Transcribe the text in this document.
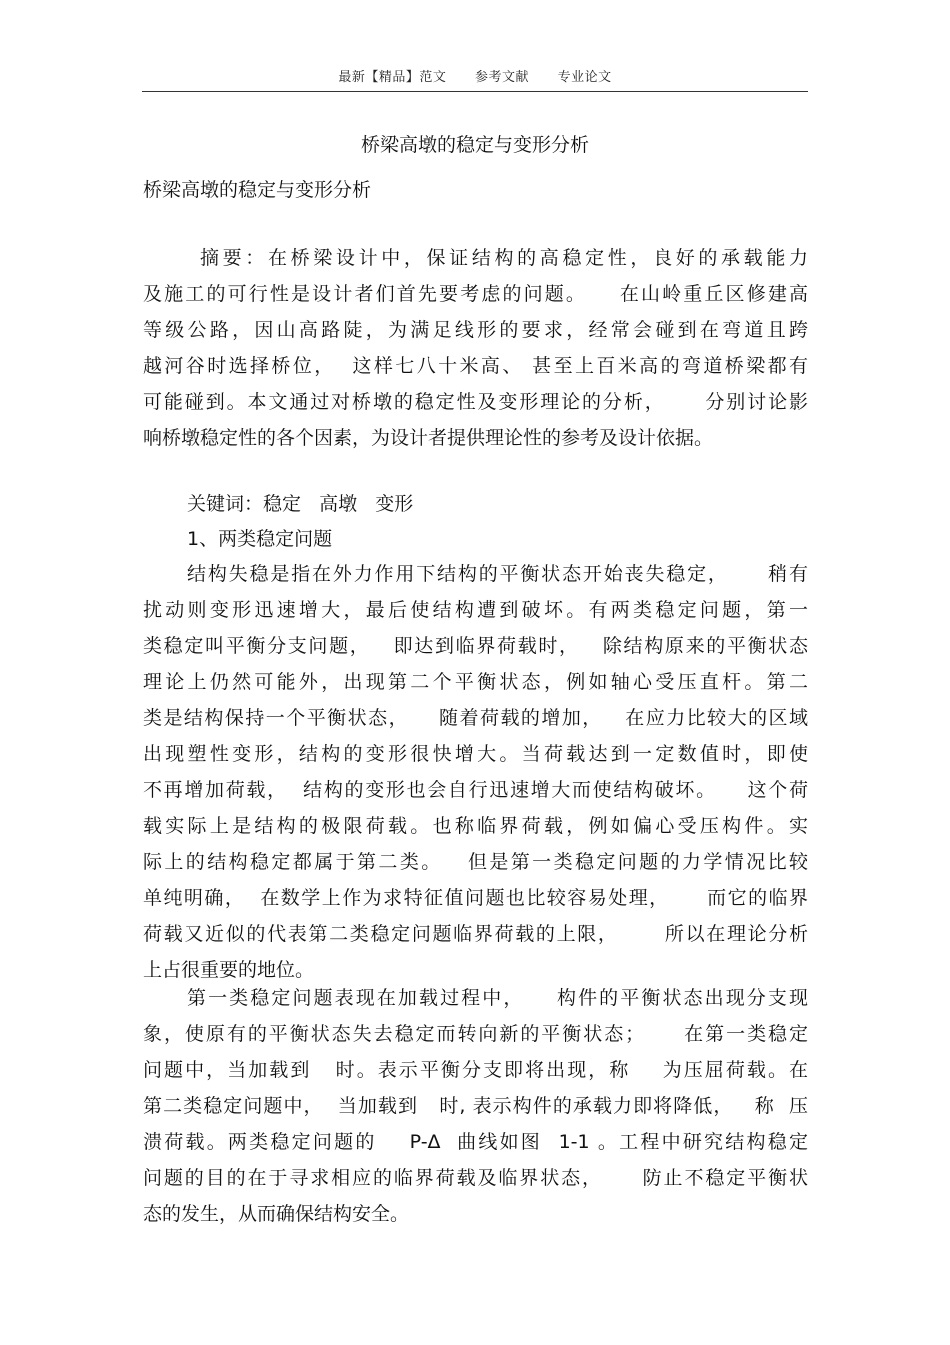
最新【精品】范文 参考文献 专业论文
桥梁高墩的稳定与变形分析
桥梁高墩的稳定与变形分析
摘要：在桥梁设计中，保证结构的高稳定性，良好的承载能力
及施工的可行性是设计者们首先要考虑的问题。    在山岭重丘区修建高
等级公路，因山高路陡，为满足线形的要求，经常会碰到在弯道且跨
越河谷时选择桥位，  这样七八十米高、 甚至上百米高的弯道桥梁都有
可能碰到。本文通过对桥墩的稳定性及变形理论的分析，     分别讨论影
响桥墩稳定性的各个因素，为设计者提供理论性的参考及设计依据。
关键词：稳定   高墩   变形
1、两类稳定问题
结构失稳是指在外力作用下结构的平衡状态开始丧失稳定，     稍有
扰动则变形迅速增大，最后使结构遭到破坏。有两类稳定问题，第一
类稳定叫平衡分支问题，   即达到临界荷载时，   除结构原来的平衡状态
理论上仍然可能外，出现第二个平衡状态，例如轴心受压直杆。第二
类是结构保持一个平衡状态，    随着荷载的增加，   在应力比较大的区域
出现塑性变形，结构的变形很快增大。当荷载达到一定数值时，即使
不再增加荷载，  结构的变形也会自行迅速增大而使结构破坏。    这个荷
载实际上是结构的极限荷载。也称临界荷载，例如偏心受压构件。实
际上的结构稳定都属于第二类。   但是第一类稳定问题的力学情况比较
单纯明确，  在数学上作为求特征值问题也比较容易处理，     而它的临界
荷载又近似的代表第二类稳定问题临界荷载的上限，      所以在理论分析
上占很重要的地位。
第一类稳定问题表现在加载过程中，    构件的平衡状态出现分支现
象，使原有的平衡状态失去稳定而转向新的平衡状态；     在第一类稳定
问题中，当加载到   时。表示平衡分支即将出现，称    为压屈荷载。在
第二类稳定问题中，  当加载到   时, 表示构件的承载力即将降低，   称  压
溃荷载。两类稳定问题的    P-Δ  曲线如图  1-1 。工程中研究结构稳定
问题的目的在于寻求相应的临界荷载及临界状态，     防止不稳定平衡状
态的发生，从而确保结构安全。
